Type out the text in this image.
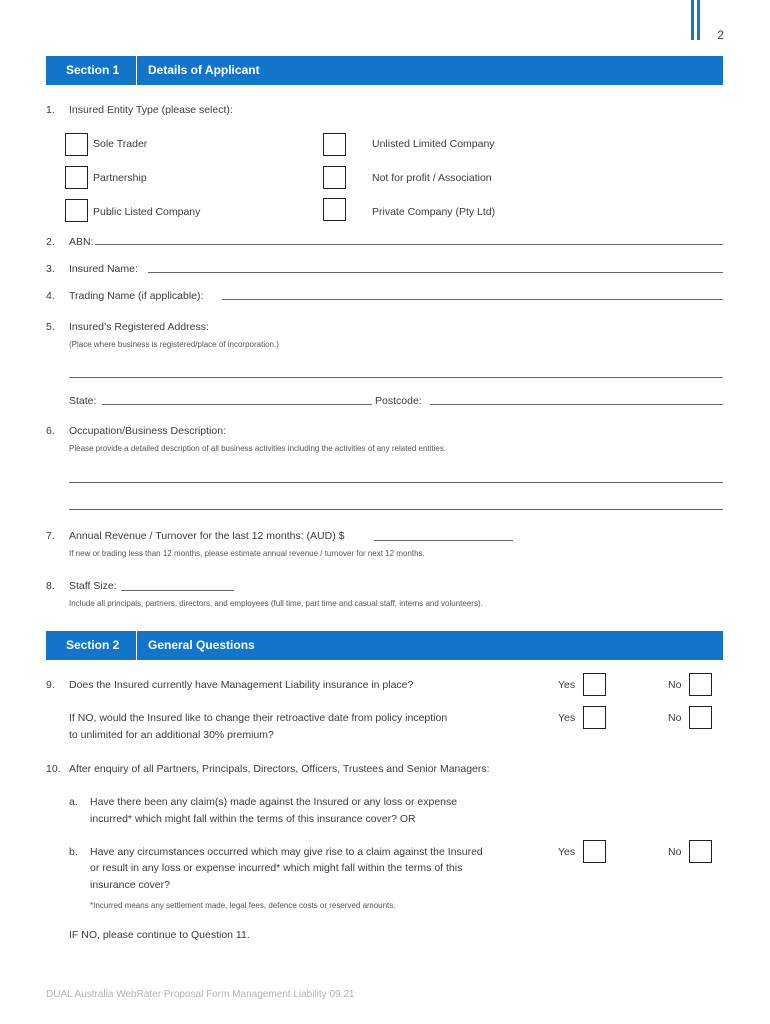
2
Section 1 Details of Applicant
1.	Insured Entity Type (please select):
Sole Trader	Unlisted Limited Company
Partnership	Not for profit / Association
Public Listed Company	Private Company (Pty Ltd)
2.	ABN:
3.	Insured Name:
4.	Trading Name (if applicable):
5.	Insured’s Registered Address:
(Place where business is registered/place of incorporation.)
State:	Postcode:
6.	Occupation/Business Description:
Please provide a detailed description of all business activities including the activities of any related entities.
7.	Annual Revenue / Turnover for the last 12 months: (AUD) $
If new or trading less than 12 months, please estimate annual revenue / turnover for next 12 months.
8.	Staff Size:
Include all principals, partners, directors, and employees (full time, part time and casual staff, interns and volunteers).
Section 2 General Questions
9.	Does the Insured currently have Management Liability insurance in place?	Yes	No
If NO, would the Insured like to change their retroactive date from policy inception
to unlimited for an additional 30% premium?
Yes	No
10. After enquiry of all Partners, Principals, Directors, Officers, Trustees and Senior Managers:
a. Have there been any claim(s) made against the Insured or any loss or expense
incurred* which might fall within the terms of this insurance cover? OR
b. Have any circumstances occurred which may give rise to a claim against the Insured
or result in any loss or expense incurred* which might fall within the terms of this
insurance cover?
Yes	No
*Incurred means any settlement made, legal fees, defence costs or reserved amounts.
IF NO, please continue to Question 11.
DUAL Australia WebRater Proposal Form Management Liability 09.21
